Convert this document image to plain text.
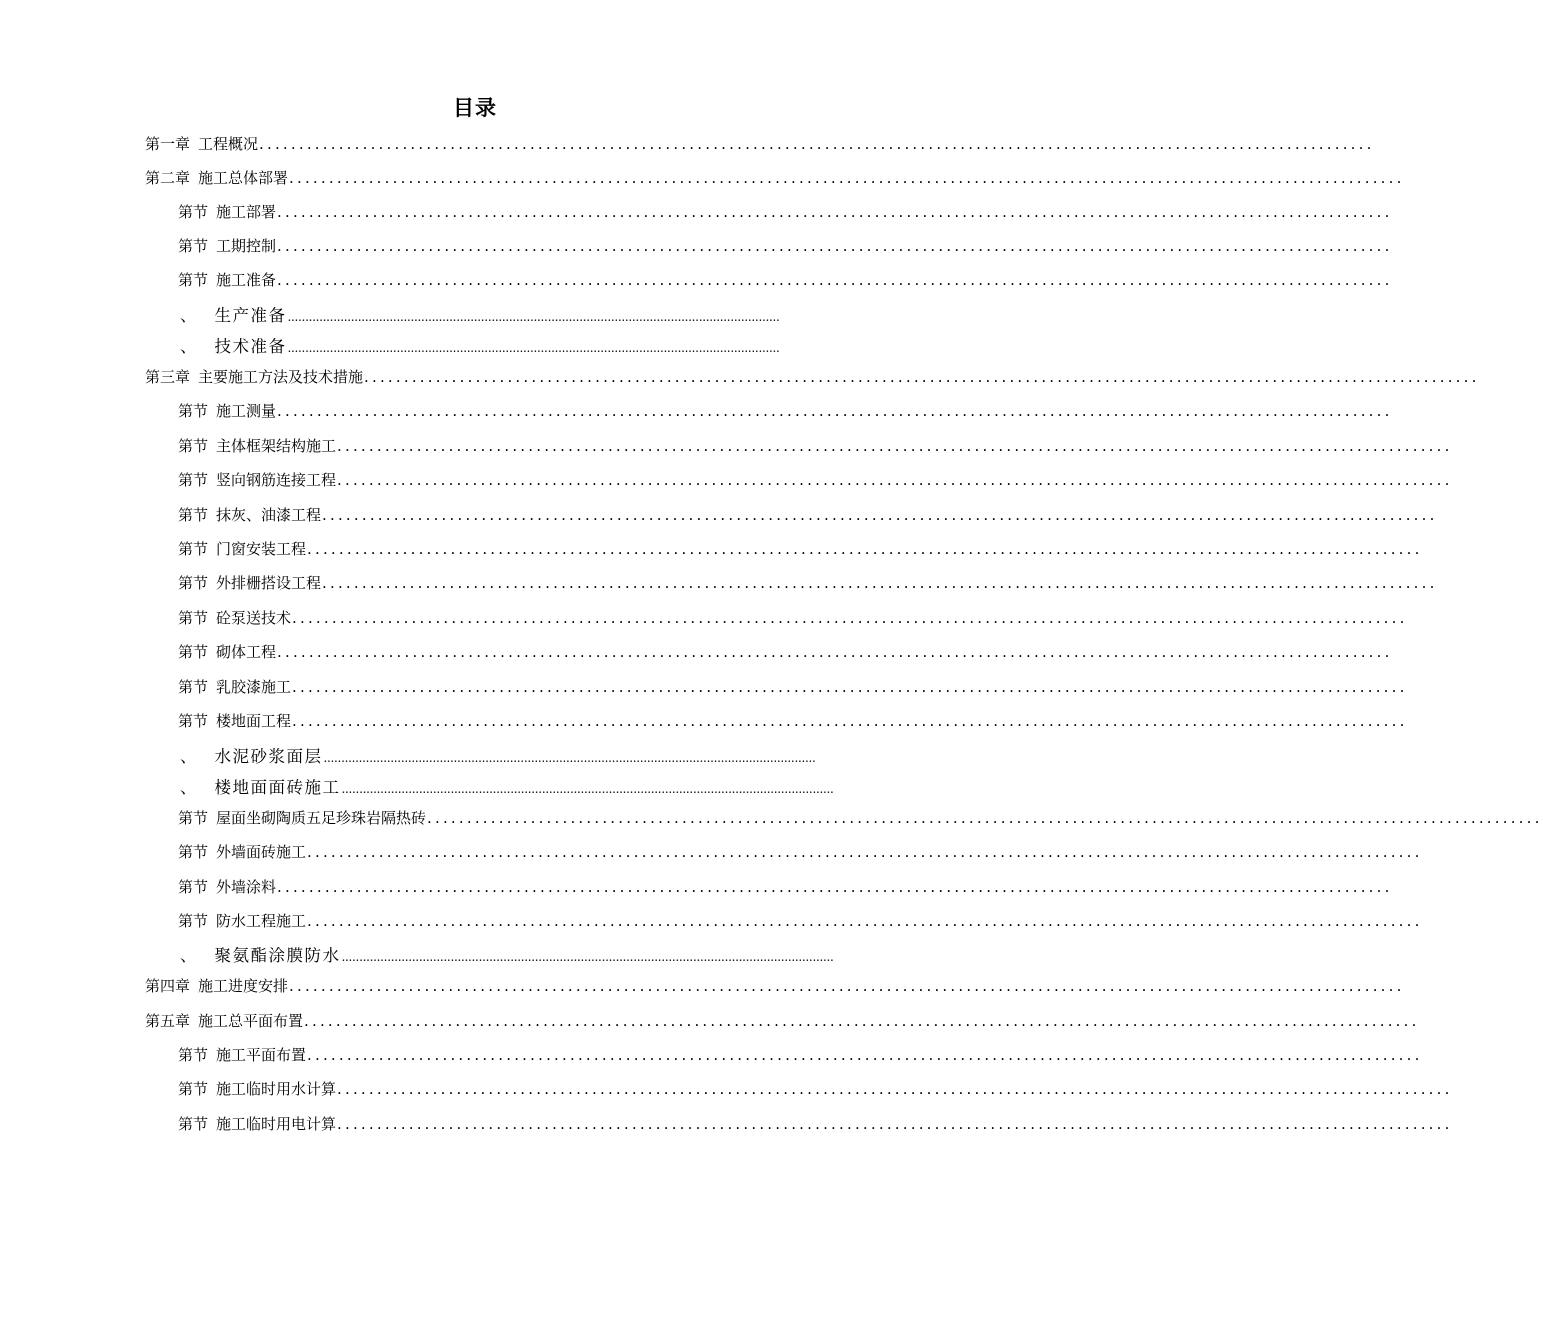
目录
第一章 工程概况 ............................................................................................................................................
第二章 施工总体部署 ............................................................................................................................................
第节 施工部署 ............................................................................................................................................
第节 工期控制 ............................................................................................................................................
第节 施工准备 ............................................................................................................................................
、 生产准备 ............................................................................................................................................
、 技术准备 ............................................................................................................................................
第三章 主要施工方法及技术措施 ............................................................................................................................................
第节 施工测量 ............................................................................................................................................
第节 主体框架结构施工 ............................................................................................................................................
第节 竖向钢筋连接工程 ............................................................................................................................................
第节 抹灰、油漆工程 ............................................................................................................................................
第节 门窗安装工程 ............................................................................................................................................
第节 外排栅搭设工程 ............................................................................................................................................
第节 砼泵送技术 ............................................................................................................................................
第节 砌体工程 ............................................................................................................................................
第节 乳胶漆施工 ............................................................................................................................................
第节 楼地面工程 ............................................................................................................................................
、 水泥砂浆面层 ............................................................................................................................................
、 楼地面面砖施工 ............................................................................................................................................
第节 屋面坐砌陶质五足珍珠岩隔热砖 ............................................................................................................................................
第节 外墙面砖施工 ............................................................................................................................................
第节 外墙涂料 ............................................................................................................................................
第节 防水工程施工 ............................................................................................................................................
、 聚氨酯涂膜防水 ............................................................................................................................................
第四章 施工进度安排 ............................................................................................................................................
第五章 施工总平面布置 ............................................................................................................................................
第节 施工平面布置 ............................................................................................................................................
第节 施工临时用水计算 ............................................................................................................................................
第节 施工临时用电计算 ............................................................................................................................................
